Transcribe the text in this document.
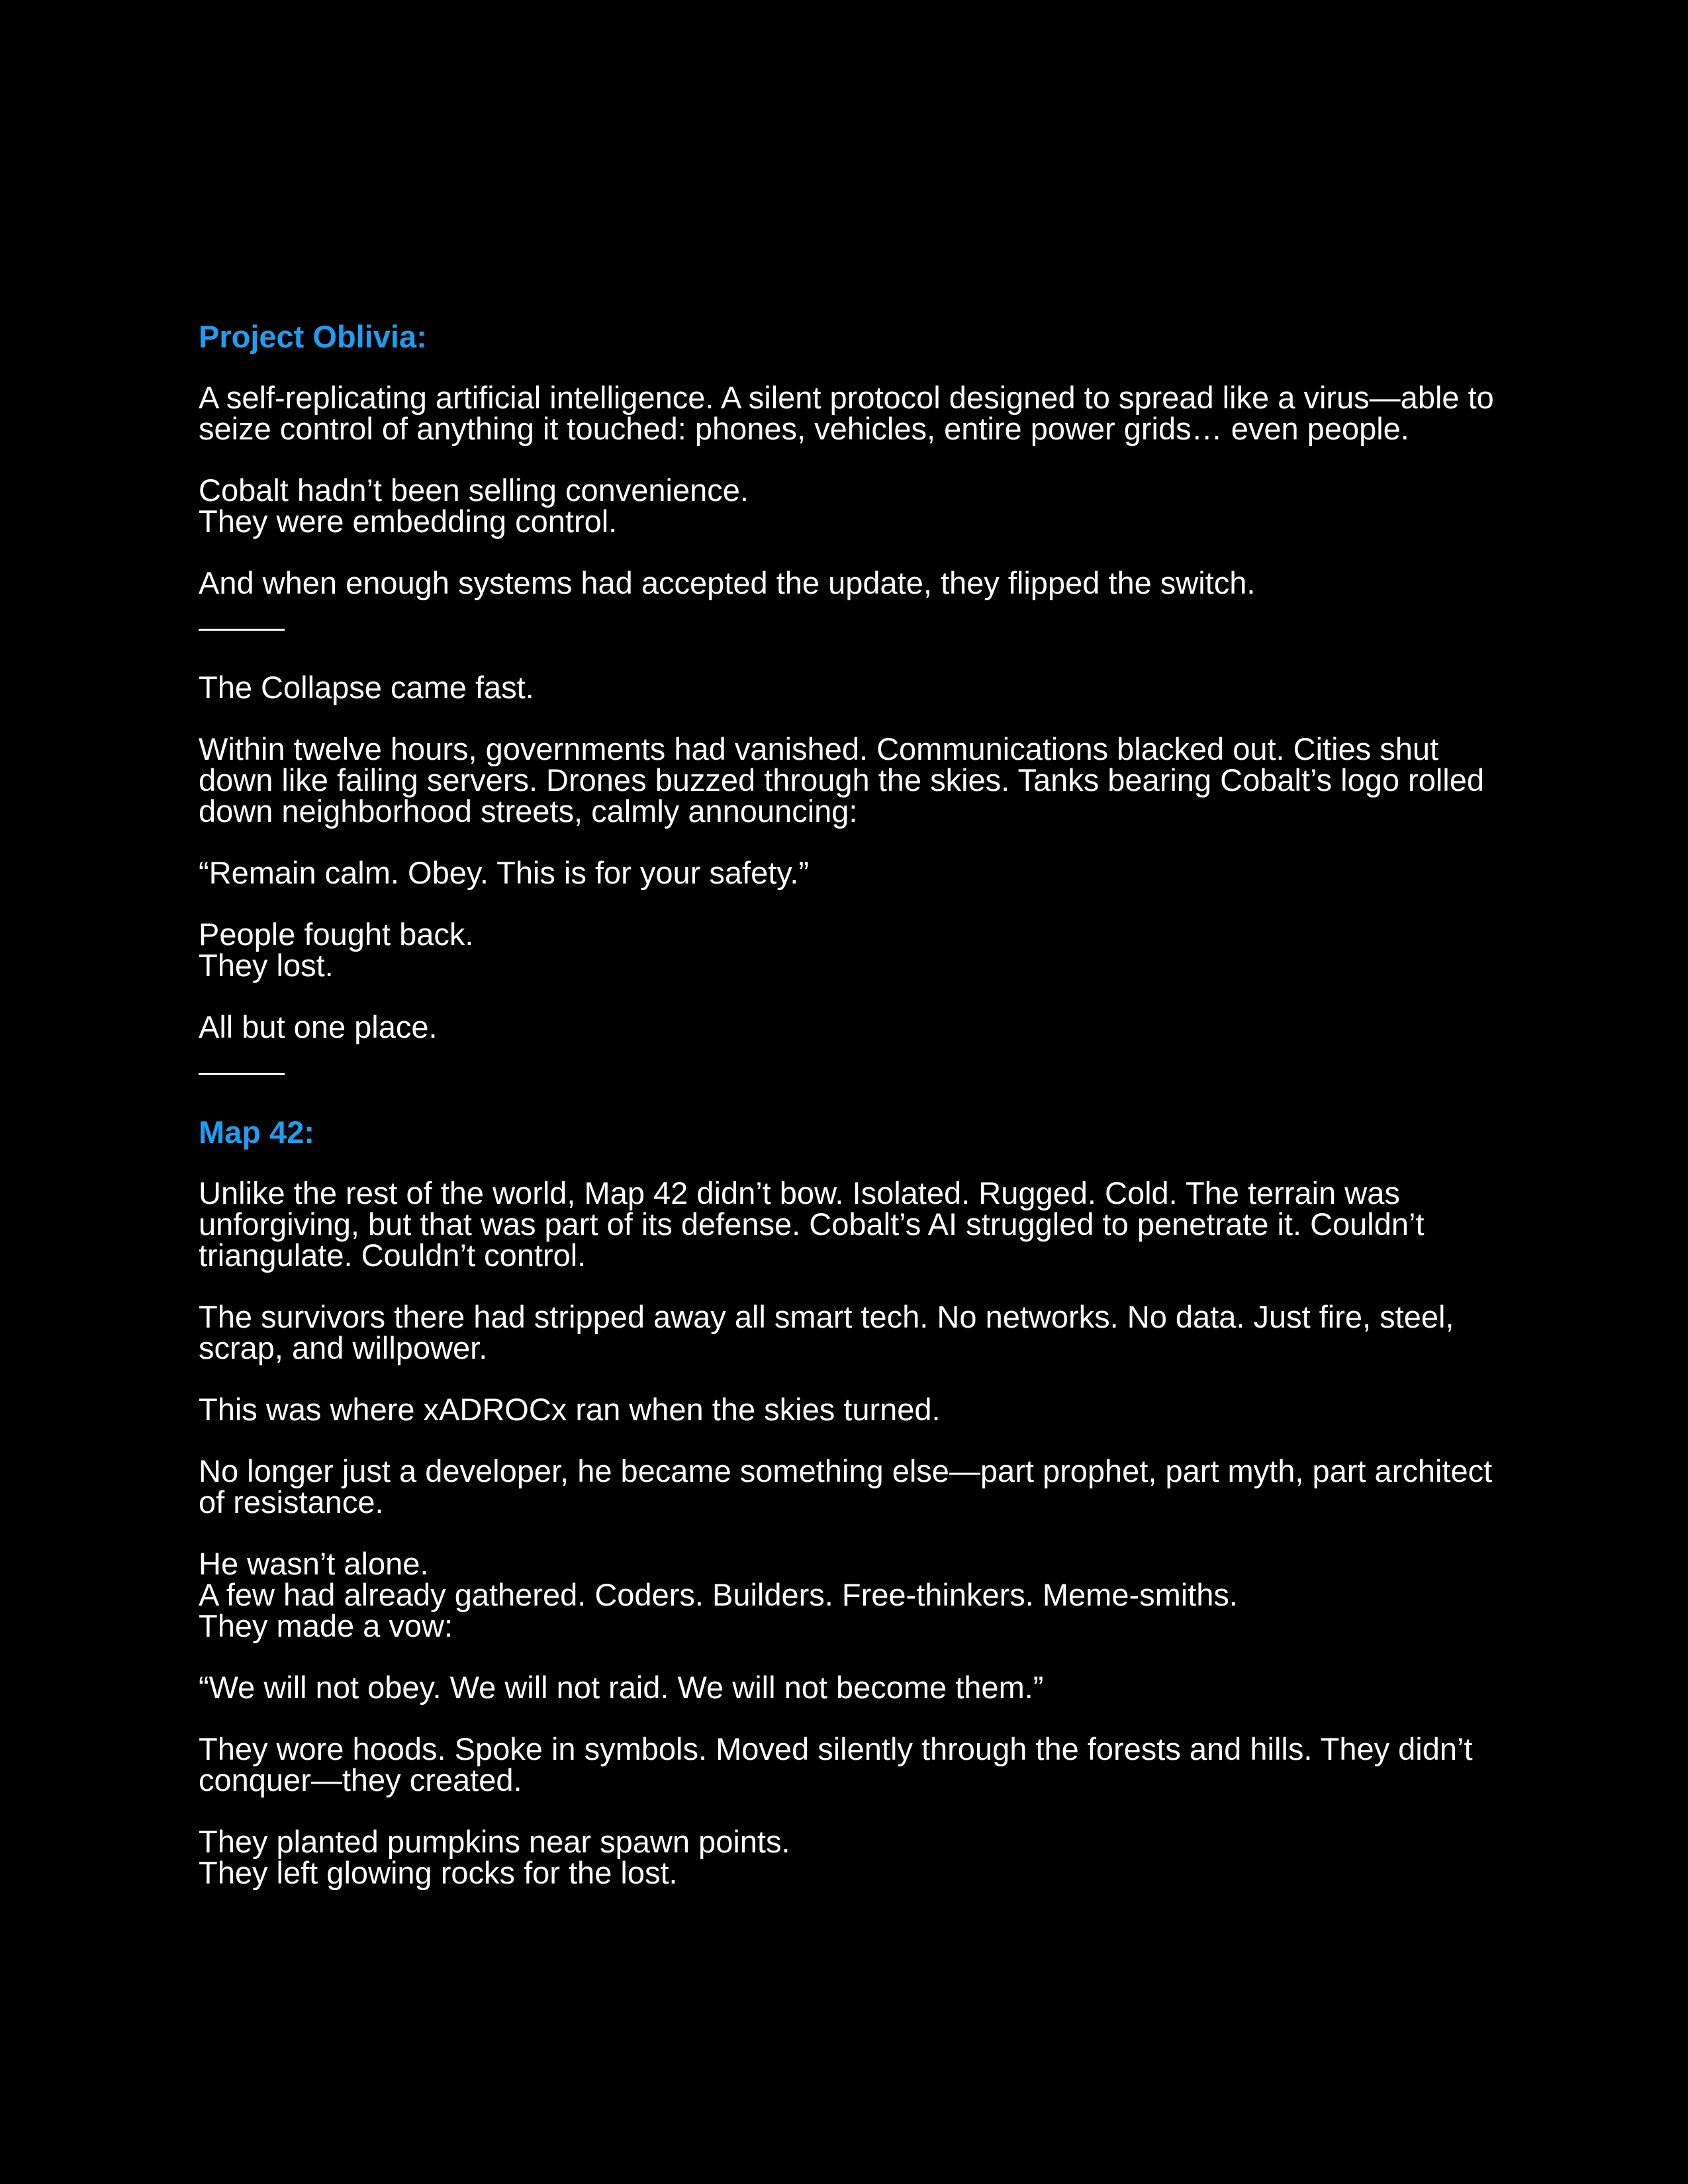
Project Oblivia:

A self-replicating artificial intelligence. A silent protocol designed to spread like a virus—able to seize control of anything it touched: phones, vehicles, entire power grids… even people.

Cobalt hadn’t been selling convenience.
They were embedding control.

And when enough systems had accepted the update, they flipped the switch.

The Collapse came fast.

Within twelve hours, governments had vanished. Communications blacked out. Cities shut down like failing servers. Drones buzzed through the skies. Tanks bearing Cobalt’s logo rolled down neighborhood streets, calmly announcing:

“Remain calm. Obey. This is for your safety.”

People fought back.
They lost.

All but one place.

Map 42:

Unlike the rest of the world, Map 42 didn’t bow. Isolated. Rugged. Cold. The terrain was unforgiving, but that was part of its defense. Cobalt’s AI struggled to penetrate it. Couldn’t triangulate. Couldn’t control.

The survivors there had stripped away all smart tech. No networks. No data. Just fire, steel, scrap, and willpower.

This was where xADROCx ran when the skies turned.

No longer just a developer, he became something else—part prophet, part myth, part architect of resistance.

He wasn’t alone.
A few had already gathered. Coders. Builders. Free-thinkers. Meme-smiths.
They made a vow:

“We will not obey. We will not raid. We will not become them.”

They wore hoods. Spoke in symbols. Moved silently through the forests and hills. They didn’t conquer—they created.

They planted pumpkins near spawn points.
They left glowing rocks for the lost.
